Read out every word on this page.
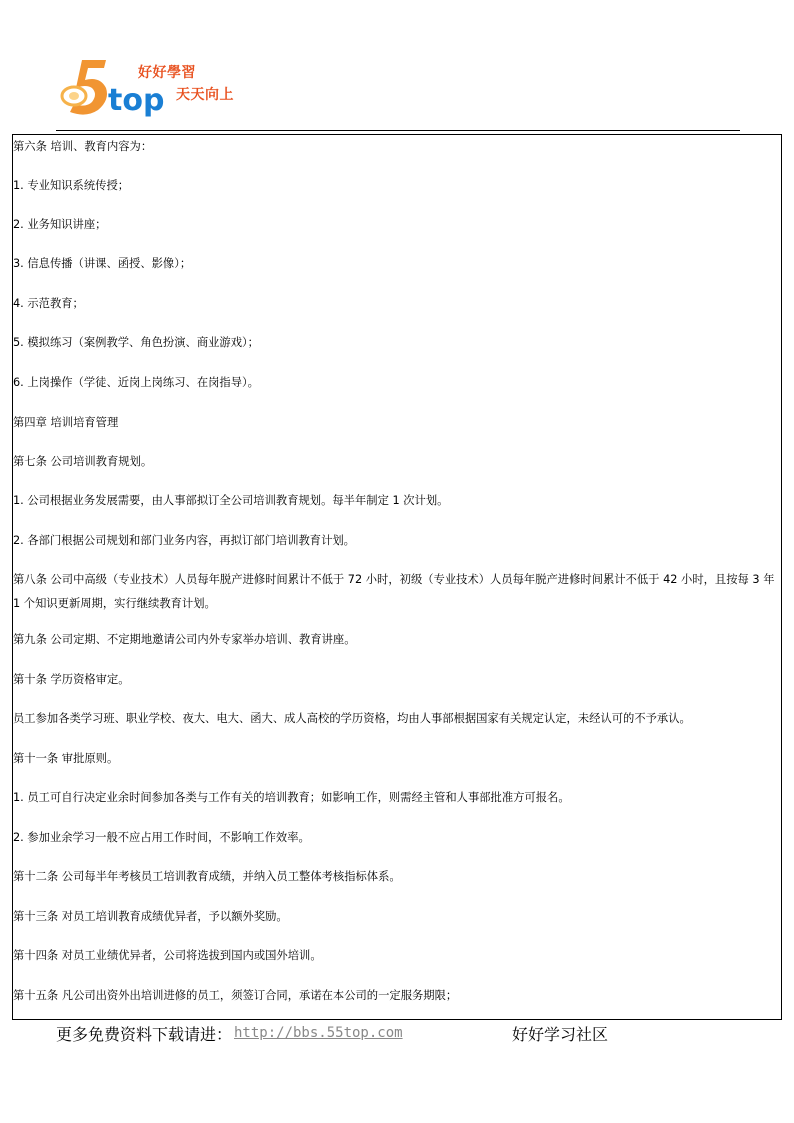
top
好好學習
天天向上

第六条 培训、教育内容为：

1. 专业知识系统传授；

2. 业务知识讲座；

3. 信息传播（讲课、函授、影像）；

4. 示范教育；

5. 模拟练习（案例教学、角色扮演、商业游戏）；

6. 上岗操作（学徒、近岗上岗练习、在岗指导）。

第四章 培训培育管理

第七条 公司培训教育规划。

1. 公司根据业务发展需要，由人事部拟订全公司培训教育规划。每半年制定 1 次计划。

2. 各部门根据公司规划和部门业务内容，再拟订部门培训教育计划。

第八条 公司中高级（专业技术）人员每年脱产进修时间累计不低于 72 小时，初级（专业技术）人员每年脱产进修时间累计不低于 42 小时，且按每 3 年 1 个知识更新周期，实行继续教育计划。

第九条 公司定期、不定期地邀请公司内外专家举办培训、教育讲座。

第十条 学历资格审定。

员工参加各类学习班、职业学校、夜大、电大、函大、成人高校的学历资格，均由人事部根据国家有关规定认定，未经认可的不予承认。

第十一条 审批原则。

1. 员工可自行决定业余时间参加各类与工作有关的培训教育；如影响工作，则需经主管和人事部批准方可报名。

2. 参加业余学习一般不应占用工作时间，不影响工作效率。

第十二条 公司每半年考核员工培训教育成绩，并纳入员工整体考核指标体系。

第十三条 对员工培训教育成绩优异者，予以额外奖励。

第十四条 对员工业绩优异者，公司将选拔到国内或国外培训。

第十五条 凡公司出资外出培训进修的员工，须签订合同，承诺在本公司的一定服务期限；

更多免费资料下载请进： http://bbs.55top.com	好好学习社区
